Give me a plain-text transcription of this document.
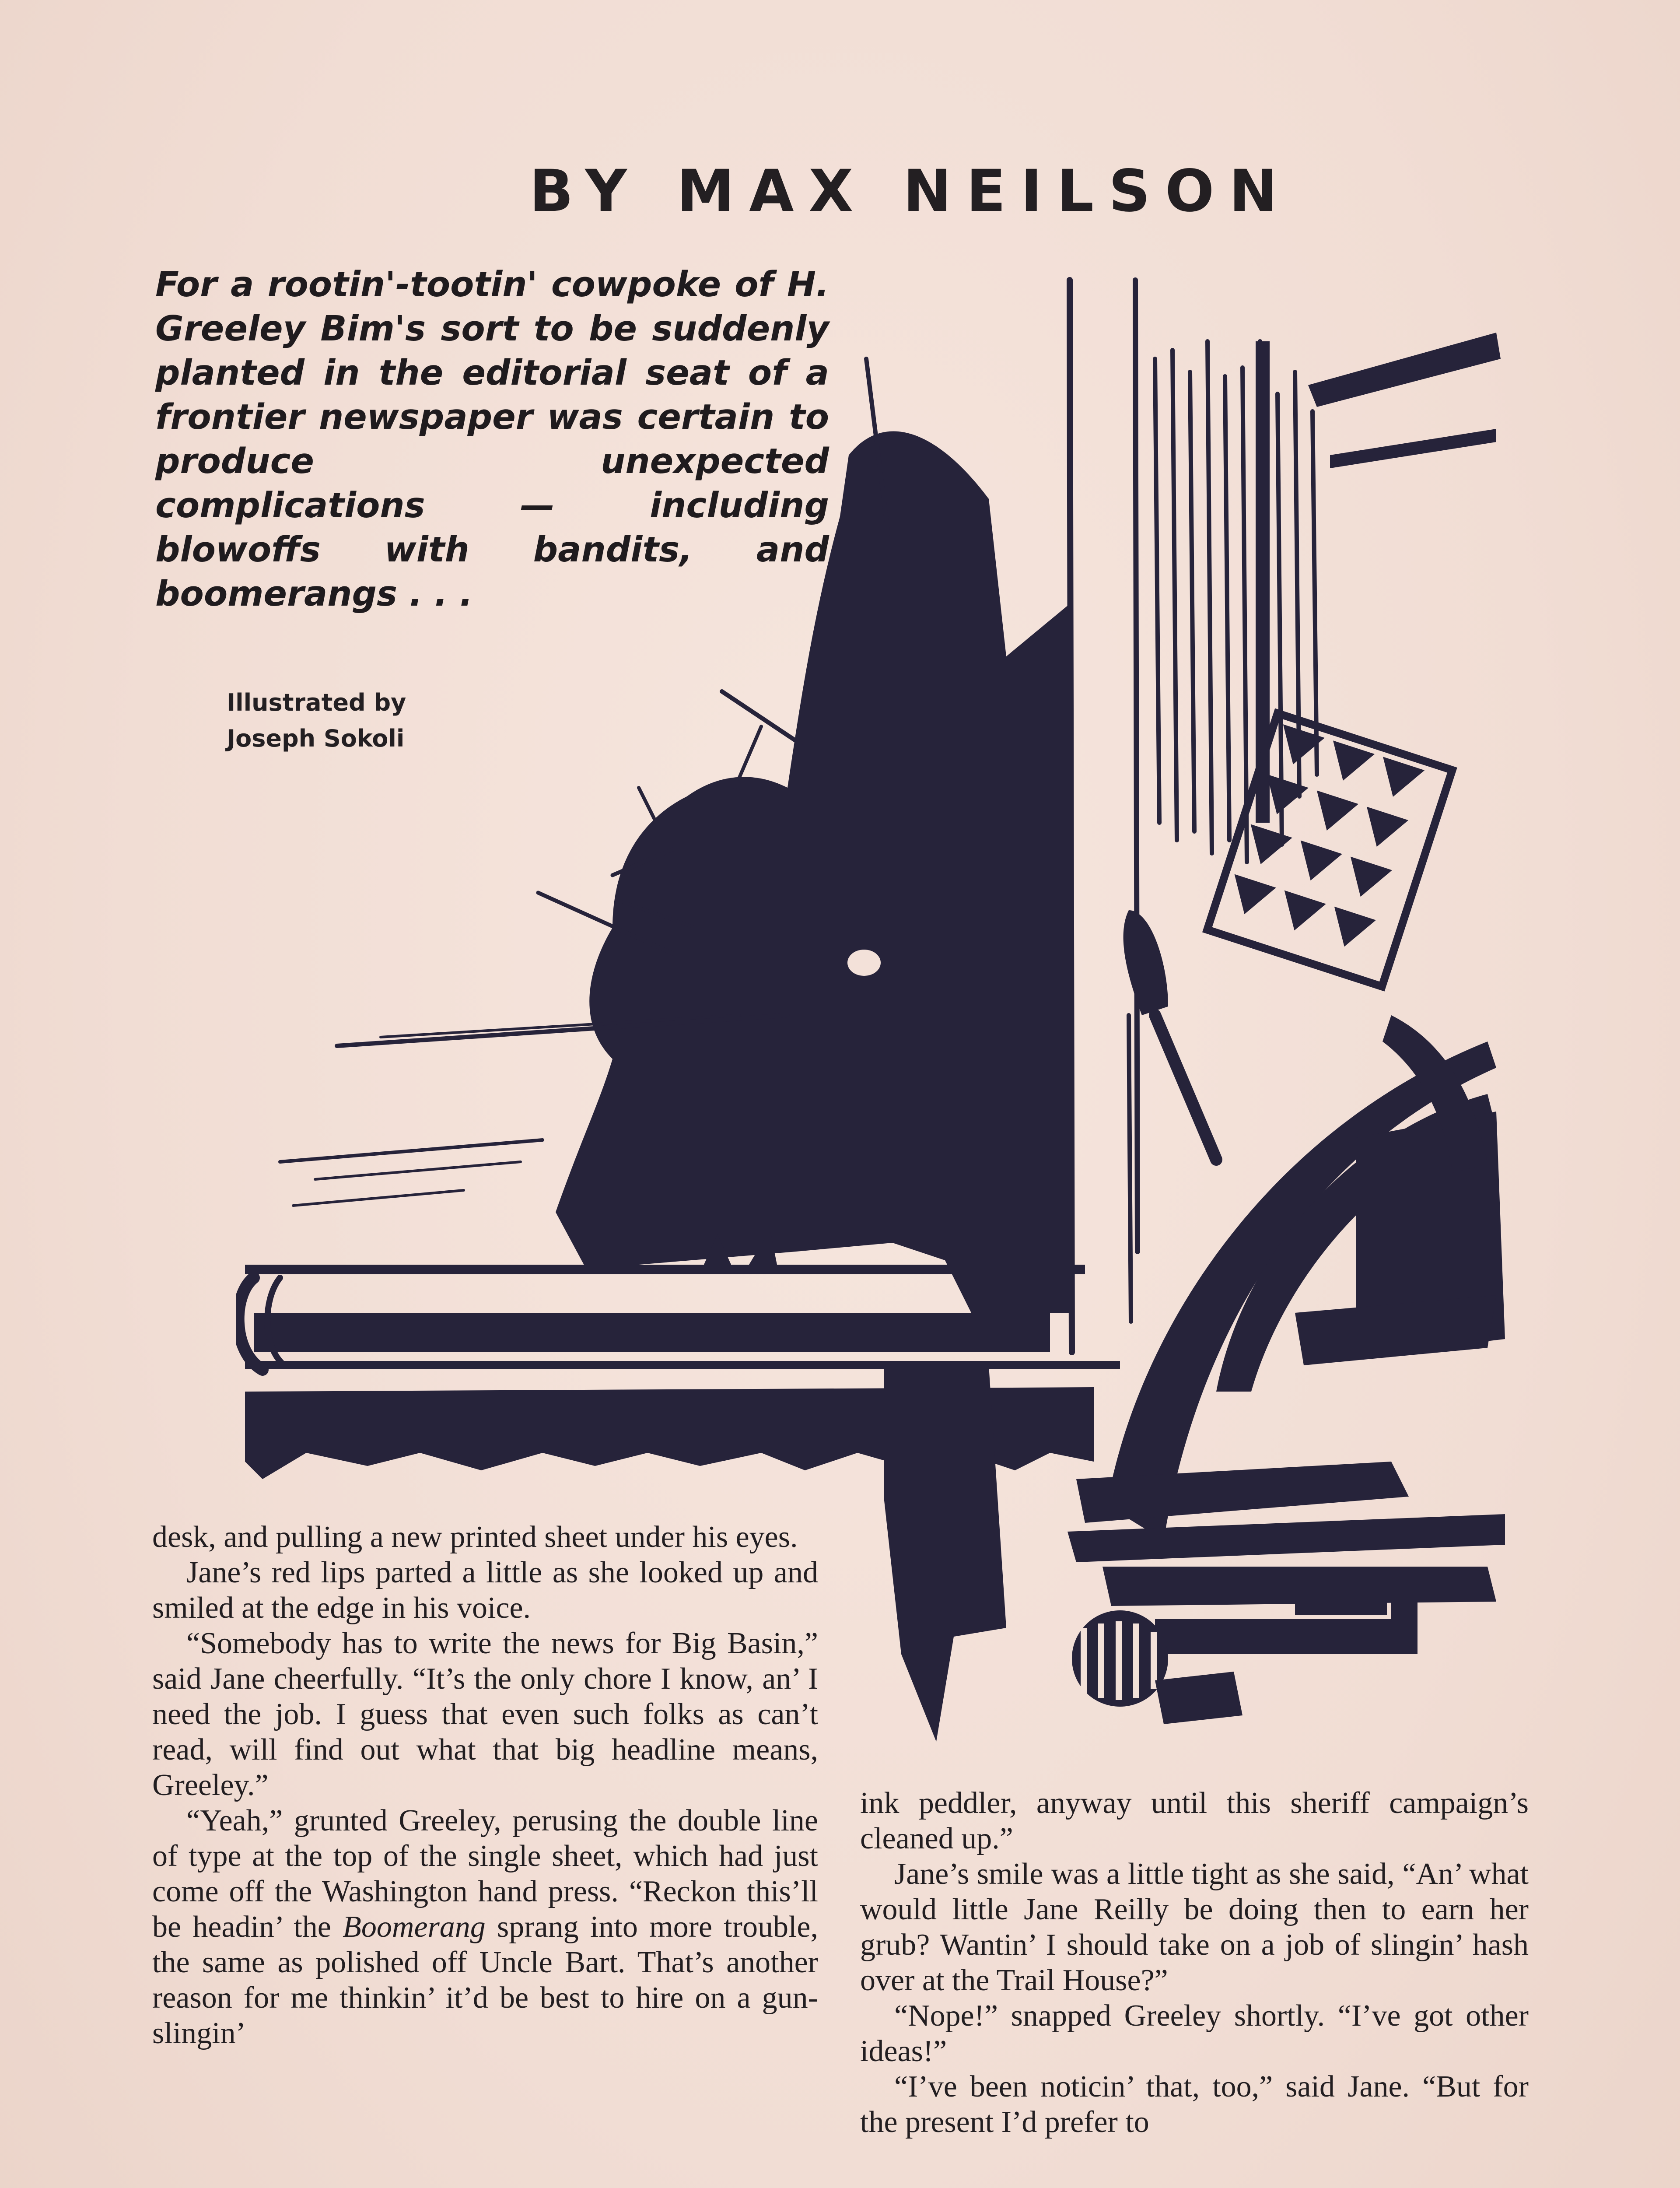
BY MAX NEILSON
For a rootin'-tootin' cowpoke of H. Greeley Bim's sort to be suddenly planted in the editorial seat of a frontier newspaper was certain to produce unexpected complications — including blowoffs with bandits, and boomerangs . . .
Illustrated by
Joseph Sokoli

desk, and pulling a new printed sheet under his eyes.

Jane’s red lips parted a little as she looked up and smiled at the edge in his voice.

“Somebody has to write the news for Big Basin,” said Jane cheerfully. “It’s the only chore I know, an’ I need the job. I guess that even such folks as can’t read, will find out what that big headline means, Greeley.”

“Yeah,” grunted Greeley, perusing the double line of type at the top of the single sheet, which had just come off the Washington hand press. “Reckon this’ll be headin’ the Boomerang sprang into more trouble, the same as polished off Uncle Bart. That’s another reason for me thinkin’ it’d be best to hire on a gun-slingin’

ink peddler, anyway until this sheriff campaign’s cleaned up.”

Jane’s smile was a little tight as she said, “An’ what would little Jane Reilly be doing then to earn her grub? Wantin’ I should take on a job of slingin’ hash over at the Trail House?”

“Nope!” snapped Greeley shortly. “I’ve got other ideas!”

“I’ve been noticin’ that, too,” said Jane. “But for the present I’d prefer to
